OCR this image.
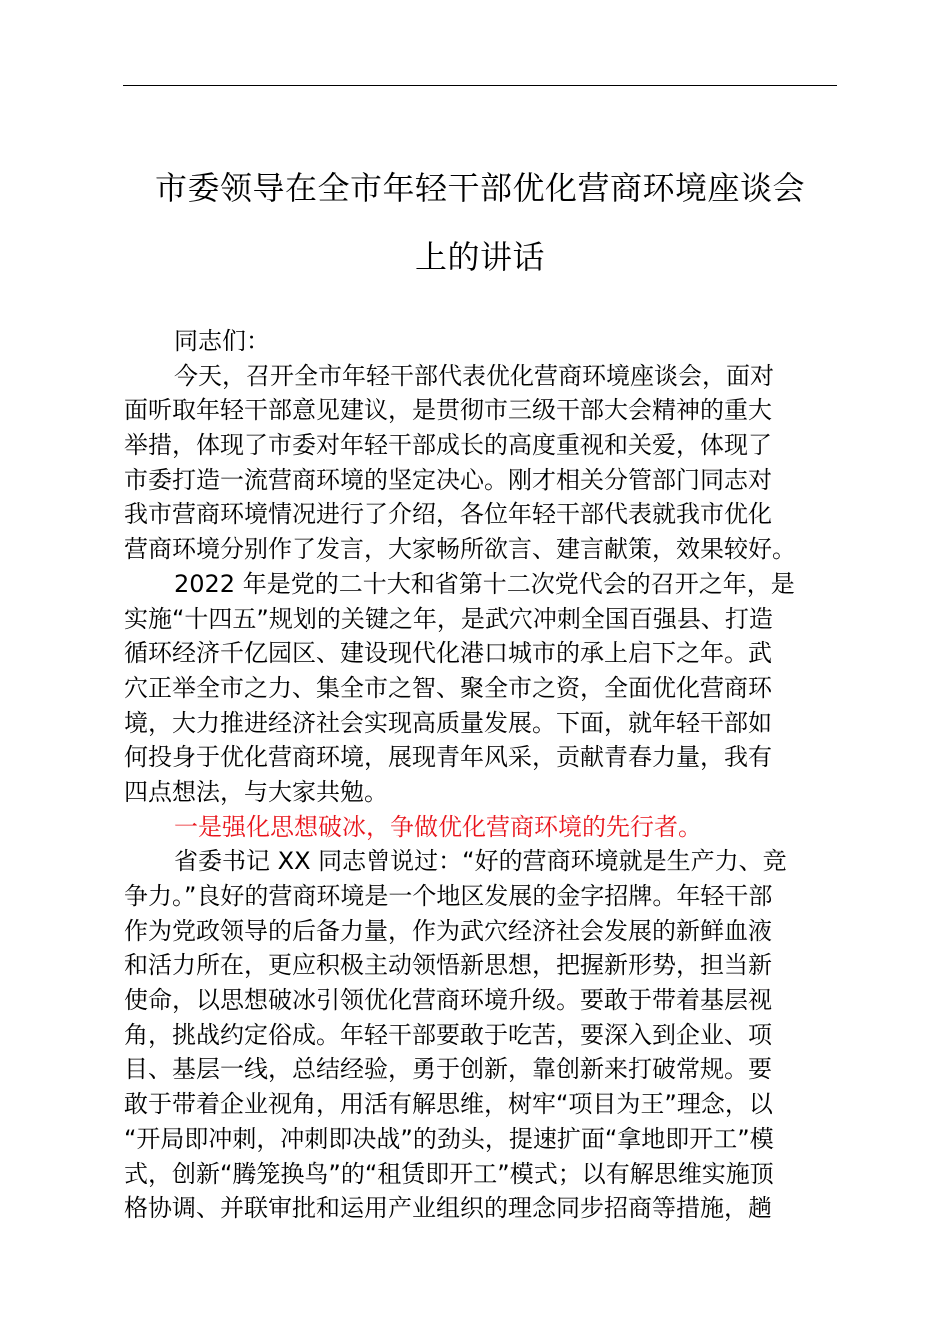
市委领导在全市年轻干部优化营商环境座谈会
上的讲话
同志们：
今天，召开全市年轻干部代表优化营商环境座谈会，面对
面听取年轻干部意见建议，是贯彻市三级干部大会精神的重大
举措，体现了市委对年轻干部成长的高度重视和关爱，体现了
市委打造一流营商环境的坚定决心。刚才相关分管部门同志对
我市营商环境情况进行了介绍，各位年轻干部代表就我市优化
营商环境分别作了发言，大家畅所欲言、建言献策，效果较好。
2022 年是党的二十大和省第十二次党代会的召开之年，是
实施“十四五”规划的关键之年，是武穴冲刺全国百强县、打造
循环经济千亿园区、建设现代化港口城市的承上启下之年。武
穴正举全市之力、集全市之智、聚全市之资，全面优化营商环
境，大力推进经济社会实现高质量发展。下面，就年轻干部如
何投身于优化营商环境，展现青年风采，贡献青春力量，我有
四点想法，与大家共勉。
一是强化思想破冰，争做优化营商环境的先行者。
省委书记 XX 同志曾说过：“好的营商环境就是生产力、竞
争力。”良好的营商环境是一个地区发展的金字招牌。年轻干部
作为党政领导的后备力量，作为武穴经济社会发展的新鲜血液
和活力所在，更应积极主动领悟新思想，把握新形势，担当新
使命，以思想破冰引领优化营商环境升级。要敢于带着基层视
角，挑战约定俗成。年轻干部要敢于吃苦，要深入到企业、项
目、基层一线，总结经验，勇于创新，靠创新来打破常规。要
敢于带着企业视角，用活有解思维，树牢“项目为王”理念，以
“开局即冲刺，冲刺即决战”的劲头，提速扩面“拿地即开工”模
式，创新“腾笼换鸟”的“租赁即开工”模式；以有解思维实施顶
格协调、并联审批和运用产业组织的理念同步招商等措施，趟
